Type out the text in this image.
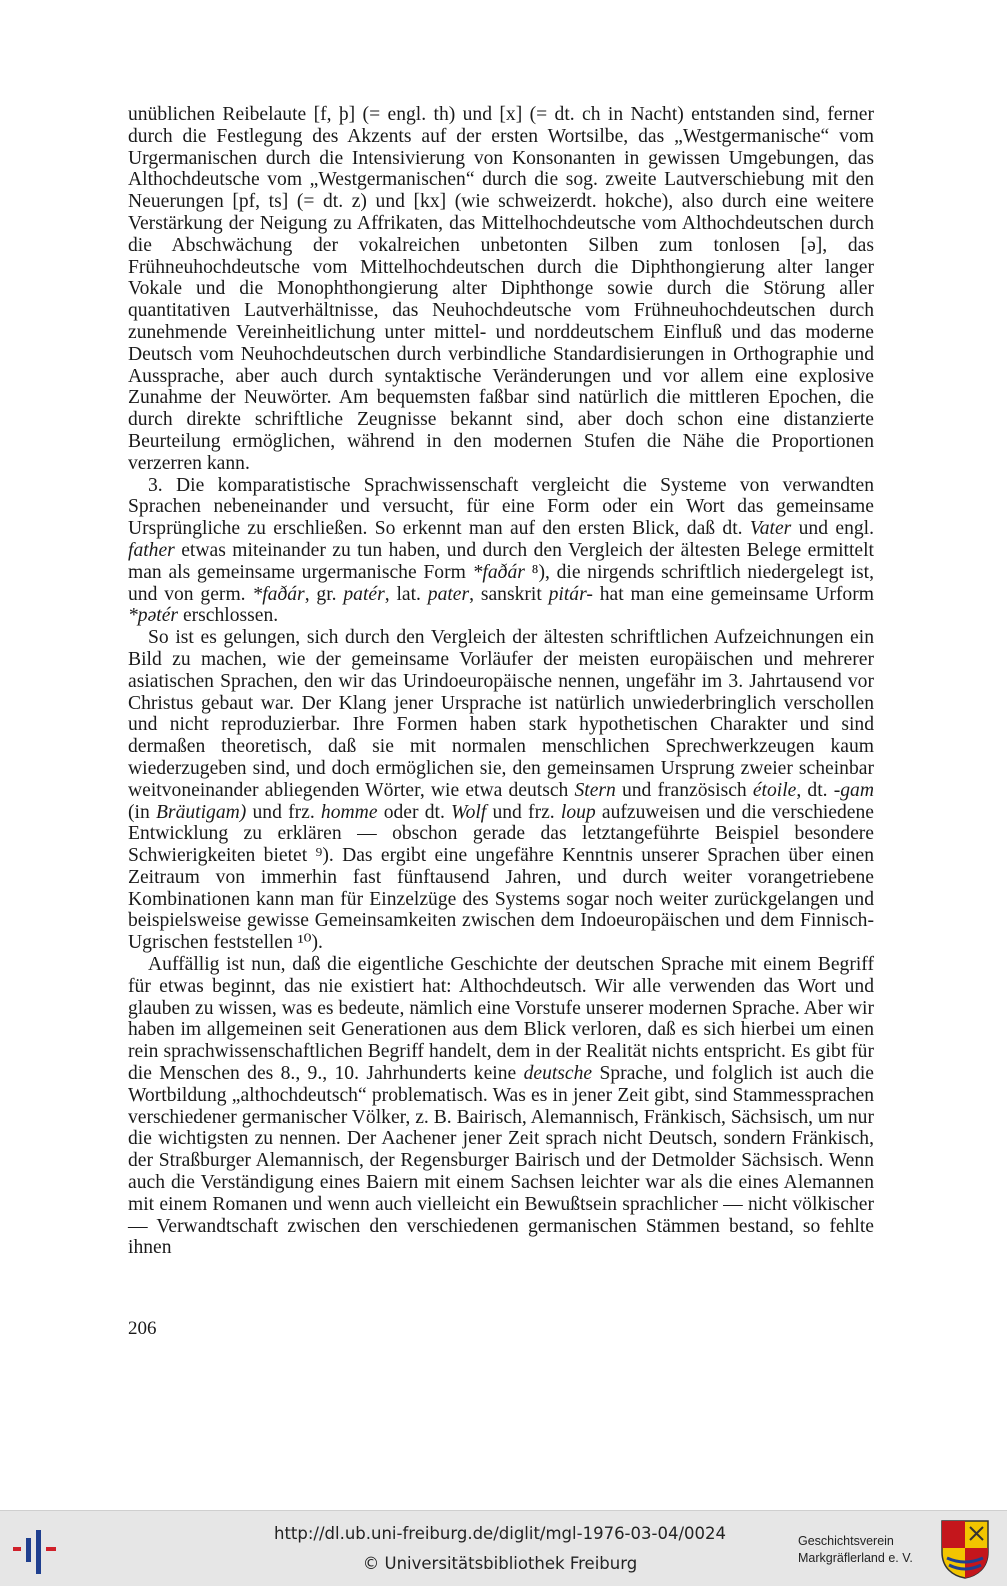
unüblichen Reibelaute [f, þ] (= engl. th) und [x] (= dt. ch in Nacht) entstanden sind, ferner durch die Festlegung des Akzents auf der ersten Wortsilbe, das „Westgermanische“ vom Urgermanischen durch die Intensivierung von Konsonanten in gewissen Umgebungen, das Althochdeutsche vom „Westgermanischen“ durch die sog. zweite Lautverschiebung mit den Neuerungen [pf, ts] (= dt. z) und [kx] (wie schweizerdt. hokche), also durch eine weitere Verstärkung der Neigung zu Affrikaten, das Mittelhochdeutsche vom Althochdeutschen durch die Abschwächung der vokalreichen unbetonten Silben zum tonlosen [ə], das Frühneuhochdeutsche vom Mittelhochdeutschen durch die Diphthongierung alter langer Vokale und die Monophthongierung alter Diphthonge sowie durch die Störung aller quantitativen Lautverhältnisse, das Neuhochdeutsche vom Frühneuhochdeutschen durch zunehmende Vereinheitlichung unter mittel- und norddeutschem Einfluß und das moderne Deutsch vom Neuhochdeutschen durch verbindliche Standardisierungen in Orthographie und Aussprache, aber auch durch syntaktische Veränderungen und vor allem eine explosive Zunahme der Neuwörter. Am bequemsten faßbar sind natürlich die mittleren Epochen, die durch direkte schriftliche Zeugnisse bekannt sind, aber doch schon eine distanzierte Beurteilung ermöglichen, während in den modernen Stufen die Nähe die Proportionen verzerren kann.

3. Die komparatistische Sprachwissenschaft vergleicht die Systeme von verwandten Sprachen nebeneinander und versucht, für eine Form oder ein Wort das gemeinsame Ursprüngliche zu erschließen. So erkennt man auf den ersten Blick, daß dt. Vater und engl. father etwas miteinander zu tun haben, und durch den Vergleich der ältesten Belege ermittelt man als gemeinsame urgermanische Form *faðár ⁸), die nirgends schriftlich niedergelegt ist, und von germ. *faðár, gr. patér, lat. pater, sanskrit pitár- hat man eine gemeinsame Urform *pətér erschlossen.

So ist es gelungen, sich durch den Vergleich der ältesten schriftlichen Aufzeichnungen ein Bild zu machen, wie der gemeinsame Vorläufer der meisten europäischen und mehrerer asiatischen Sprachen, den wir das Urindoeuropäische nennen, ungefähr im 3. Jahrtausend vor Christus gebaut war. Der Klang jener Ursprache ist natürlich unwiederbringlich verschollen und nicht reproduzierbar. Ihre Formen haben stark hypothetischen Charakter und sind dermaßen theoretisch, daß sie mit normalen menschlichen Sprechwerkzeugen kaum wiederzugeben sind, und doch ermöglichen sie, den gemeinsamen Ursprung zweier scheinbar weitvoneinander abliegenden Wörter, wie etwa deutsch Stern und französisch étoile, dt. -gam (in Bräutigam) und frz. homme oder dt. Wolf und frz. loup aufzuweisen und die verschiedene Entwicklung zu erklären — obschon gerade das letztangeführte Beispiel besondere Schwierigkeiten bietet ⁹). Das ergibt eine ungefähre Kenntnis unserer Sprachen über einen Zeitraum von immerhin fast fünftausend Jahren, und durch weiter vorangetriebene Kombinationen kann man für Einzelzüge des Systems sogar noch weiter zurückgelangen und beispielsweise gewisse Gemeinsamkeiten zwischen dem Indoeuropäischen und dem Finnisch-Ugrischen feststellen ¹⁰).

Auffällig ist nun, daß die eigentliche Geschichte der deutschen Sprache mit einem Begriff für etwas beginnt, das nie existiert hat: Althochdeutsch. Wir alle verwenden das Wort und glauben zu wissen, was es bedeute, nämlich eine Vorstufe unserer modernen Sprache. Aber wir haben im allgemeinen seit Generationen aus dem Blick verloren, daß es sich hierbei um einen rein sprachwissenschaftlichen Begriff handelt, dem in der Realität nichts entspricht. Es gibt für die Menschen des 8., 9., 10. Jahrhunderts keine deutsche Sprache, und folglich ist auch die Wortbildung „althochdeutsch“ problematisch. Was es in jener Zeit gibt, sind Stammessprachen verschiedener germanischer Völker, z. B. Bairisch, Alemannisch, Fränkisch, Sächsisch, um nur die wichtigsten zu nennen. Der Aachener jener Zeit sprach nicht Deutsch, sondern Fränkisch, der Straßburger Alemannisch, der Regensburger Bairisch und der Detmolder Sächsisch. Wenn auch die Verständigung eines Baiern mit einem Sachsen leichter war als die eines Alemannen mit einem Romanen und wenn auch vielleicht ein Bewußtsein sprachlicher — nicht völkischer — Verwandtschaft zwischen den verschiedenen germanischen Stämmen bestand, so fehlte ihnen

206
http://dl.ub.uni-freiburg.de/diglit/mgl-1976-03-04/0024
© Universitätsbibliothek Freiburg
Geschichtsverein
Markgräflerland e. V.
